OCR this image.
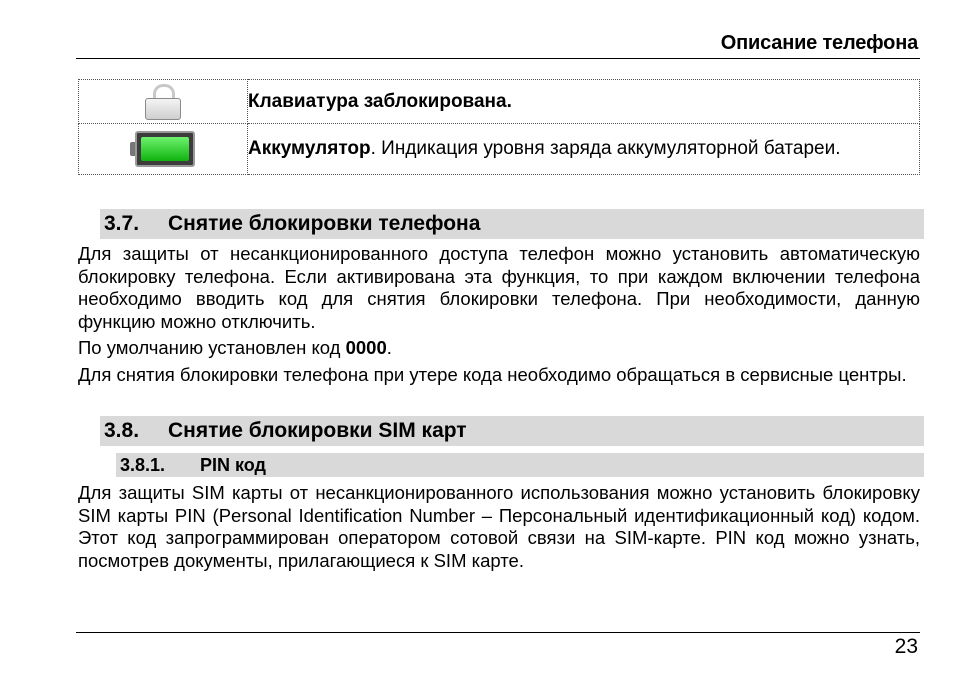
Описание телефона
	Клавиатура заблокирована.

	Аккумулятор. Индикация уровня заряда аккумуляторной батареи.
3.7. Снятие блокировки телефона
Для защиты от несанкционированного доступа телефон можно установить автоматическую блокировку телефона. Если активирована эта функция, то при каждом включении телефона необходимо вводить код для снятия блокировки телефона. При необходимости, данную функцию можно отключить.
По умолчанию установлен код 0000.
Для снятия блокировки телефона при утере кода необходимо обращаться в сервисные центры.
3.8. Снятие блокировки SIM карт
3.8.1. PIN код
Для защиты SIM карты от несанкционированного использования можно установить блокировку SIM карты PIN (Personal Identification Number – Персональный идентификационный код) кодом. Этот код запрограммирован оператором сотовой связи на SIM-карте. PIN код можно узнать, посмотрев документы, прилагающиеся к SIM карте.
23
